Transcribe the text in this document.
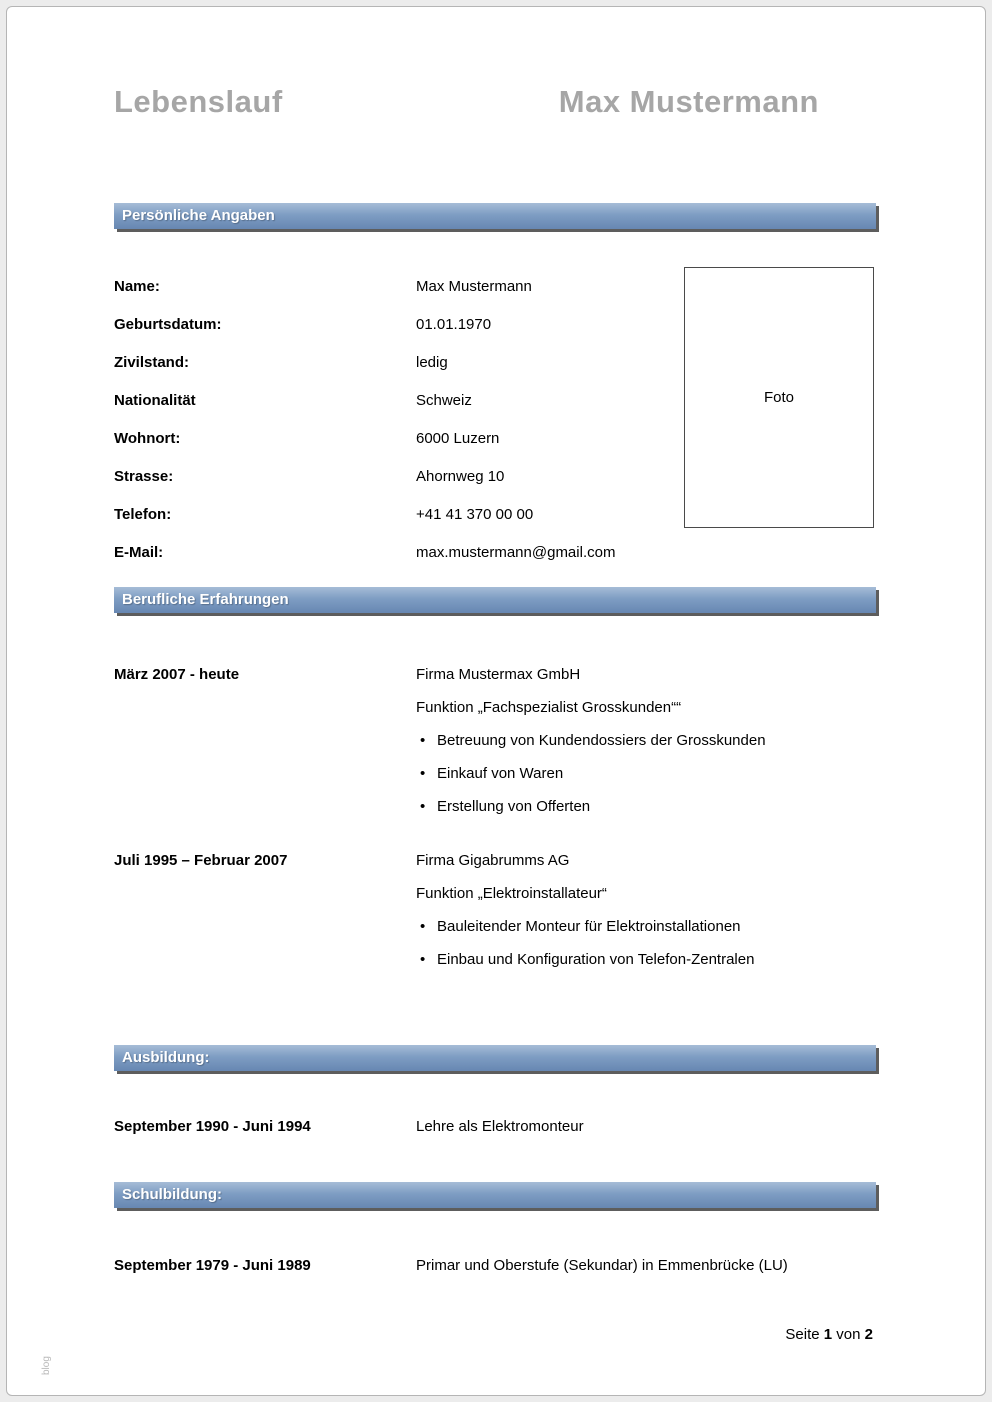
Lebenslauf	Max Mustermann
Persönliche Angaben
Name:	Max Mustermann
Geburtsdatum:	01.01.1970
Zivilstand:	ledig
Nationalität	Schweiz
Wohnort:	6000 Luzern
Strasse:	Ahornweg 10
Telefon:	+41 41 370 00 00
E-Mail:	max.mustermann@gmail.com
Foto
Berufliche Erfahrungen
März 2007 - heute	Firma Mustermax GmbH
Funktion „Fachspezialist Grosskunden““
• Betreuung von Kundendossiers der Grosskunden
• Einkauf von Waren
• Erstellung von Offerten
Juli 1995 – Februar 2007	Firma Gigabrumms AG
Funktion „Elektroinstallateur“
• Bauleitender Monteur für Elektroinstallationen
• Einbau und Konfiguration von Telefon-Zentralen
Ausbildung:
September 1990 - Juni 1994	Lehre als Elektromonteur
Schulbildung:
September 1979 - Juni 1989	Primar und Oberstufe (Sekundar) in Emmenbrücke (LU)
Seite 1 von 2
blog
